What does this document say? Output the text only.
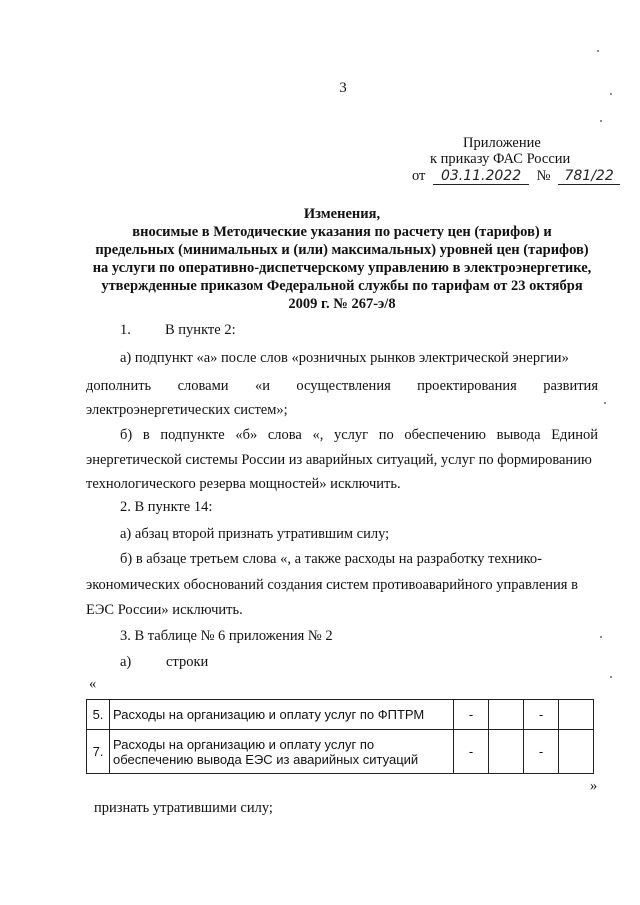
3
Приложение
к приказу ФАС России
от 03.11.2022 № 781/22
Изменения,
вносимые в Методические указания по расчету цен (тарифов) и
предельных (минимальных и (или) максимальных) уровней цен (тарифов)
на услуги по оперативно-диспетчерскому управлению в электроэнергетике,
утвержденные приказом Федеральной службы по тарифам от 23 октября
2009 г. № 267-э/8
1. В пункте 2:
а) подпункт «а» после слов «розничных рынков электрической энергии»
дополнить словами «и осуществления проектирования развития
электроэнергетических систем»;
б) в подпункте «б» слова «, услуг по обеспечению вывода Единой
энергетической системы России из аварийных ситуаций, услуг по формированию
технологического резерва мощностей» исключить.
2. В пункте 14:
а) абзац второй признать утратившим силу;
б) в абзаце третьем слова «, а также расходы на разработку технико-
экономических обоснований создания систем противоаварийного управления в
ЕЭС России» исключить.
3. В таблице № 6 приложения № 2
а) строки
«
5.	Расходы на организацию и оплату услуг по ФПТРМ	-		-	
7.	Расходы на организацию и оплату услуг по
обеспечению вывода ЕЭС из аварийных ситуаций	-		-	
»
признать утратившими силу;
